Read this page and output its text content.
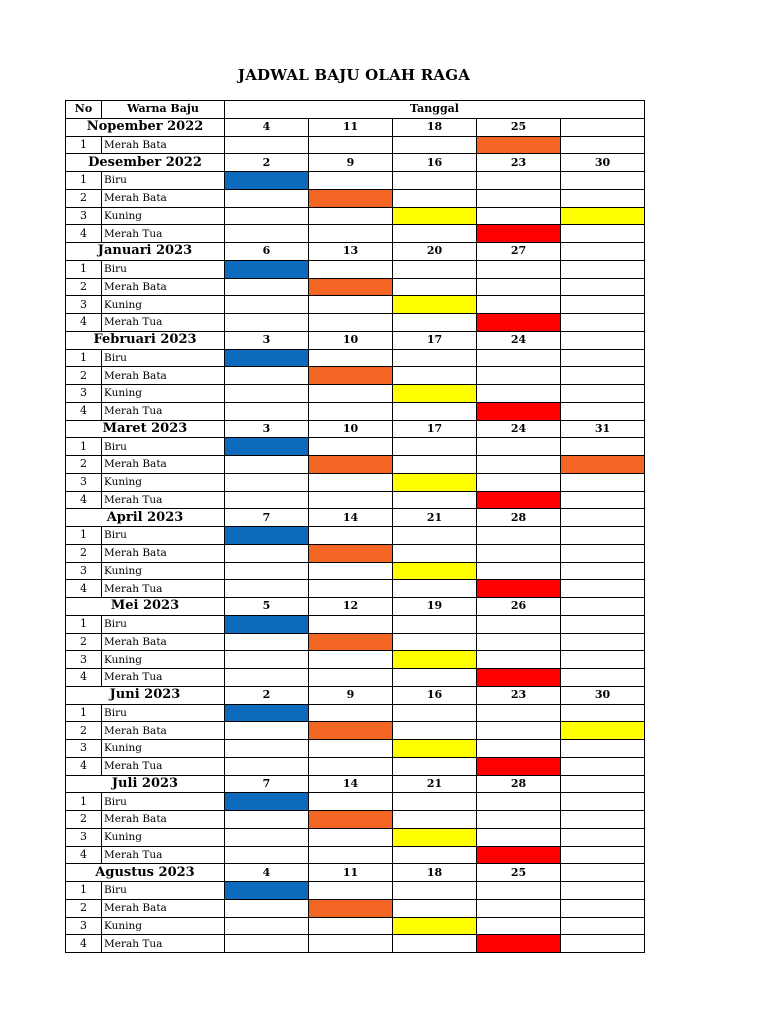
JADWAL BAJU OLAH RAGA
No	Warna Baju	Tanggal				
Nopember 2022		4	11	18	25	
1	Merah Bata					
Desember 2022		2	9	16	23	30
1	Biru					
2	Merah Bata					
3	Kuning					
4	Merah Tua					
Januari 2023		6	13	20	27	
1	Biru					
2	Merah Bata					
3	Kuning					
4	Merah Tua					
Februari 2023		3	10	17	24	
1	Biru					
2	Merah Bata					
3	Kuning					
4	Merah Tua					
Maret 2023		3	10	17	24	31
1	Biru					
2	Merah Bata					
3	Kuning					
4	Merah Tua					
April 2023		7	14	21	28	
1	Biru					
2	Merah Bata					
3	Kuning					
4	Merah Tua					
Mei 2023		5	12	19	26	
1	Biru					
2	Merah Bata					
3	Kuning					
4	Merah Tua					
Juni 2023		2	9	16	23	30
1	Biru					
2	Merah Bata					
3	Kuning					
4	Merah Tua					
Juli 2023		7	14	21	28	
1	Biru					
2	Merah Bata					
3	Kuning					
4	Merah Tua					
Agustus 2023		4	11	18	25	
1	Biru					
2	Merah Bata					
3	Kuning					
4	Merah Tua					
